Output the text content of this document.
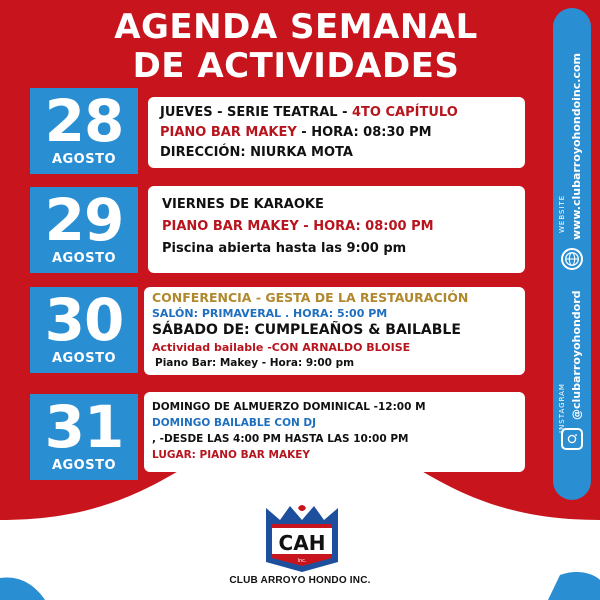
AGENDA SEMANAL
DE ACTIVIDADES
28
AGOSTO
JUEVES - SERIE TEATRAL - 4TO CAPÍTULO
PIANO BAR MAKEY - HORA: 08:30 PM
DIRECCIÓN: NIURKA MOTA
29
AGOSTO
VIERNES DE KARAOKE
PIANO BAR MAKEY - HORA: 08:00 PM
Piscina abierta hasta las 9:00 pm
30
AGOSTO
CONFERENCIA - GESTA DE LA RESTAURACIÓN
SALÓN: PRIMAVERAL . HORA: 5:00 PM
SÁBADO DE: CUMPLEAÑOS & BAILABLE
Actividad bailable -CON ARNALDO BLOISE
Piano Bar: Makey - Hora: 9:00 pm
31
AGOSTO
DOMINGO DE ALMUERZO DOMINICAL -12:00 M
DOMINGO BAILABLE CON DJ
, -DESDE LAS 4:00 PM HASTA LAS 10:00 PM
LUGAR: PIANO BAR MAKEY
WEBSITE www.clubarroyohondoinc.com
INSTAGRAM @clubarroyohondord
CAH
Inc.
CLUB ARROYO HONDO INC.
